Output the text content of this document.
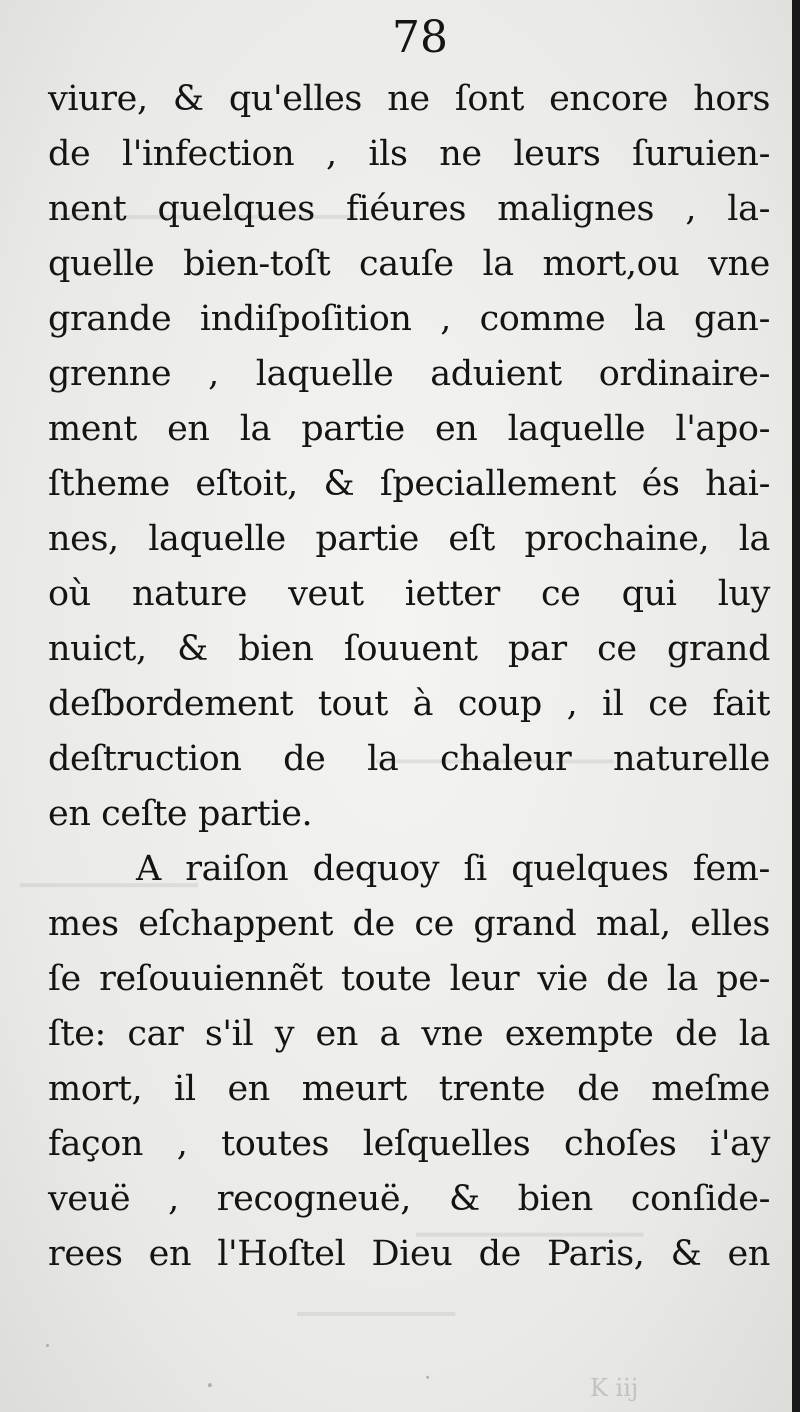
78

viure, & qu'elles ne ſont encore hors
de l'infection , ils ne leurs ſuruien-
nent quelques fiéures malignes , la-
quelle bien-toſt cauſe la mort,ou vne
grande indiſpoſition , comme la gan-
grenne , laquelle aduient ordinaire-
ment en la partie en laquelle l'apo-
ſtheme eſtoit, & ſpeciallement és hai-
nes, laquelle partie eſt prochaine, la
où nature veut ietter ce qui luy
nuict, & bien ſouuent par ce grand
deſbordement tout à coup , il ce fait
deſtruction de la chaleur naturelle
en ceſte partie.
A raiſon dequoy ſi quelques fem-
mes eſchappent de ce grand mal, elles
ſe reſouuiennẽt toute leur vie de la pe-
ſte: car s'il y en a vne exempte de la
mort, il en meurt trente de meſme
façon , toutes leſquelles choſes i'ay
veuë , recogneuë, & bien conſide-
rees en l'Hoſtel Dieu de Paris, & en

K iij
